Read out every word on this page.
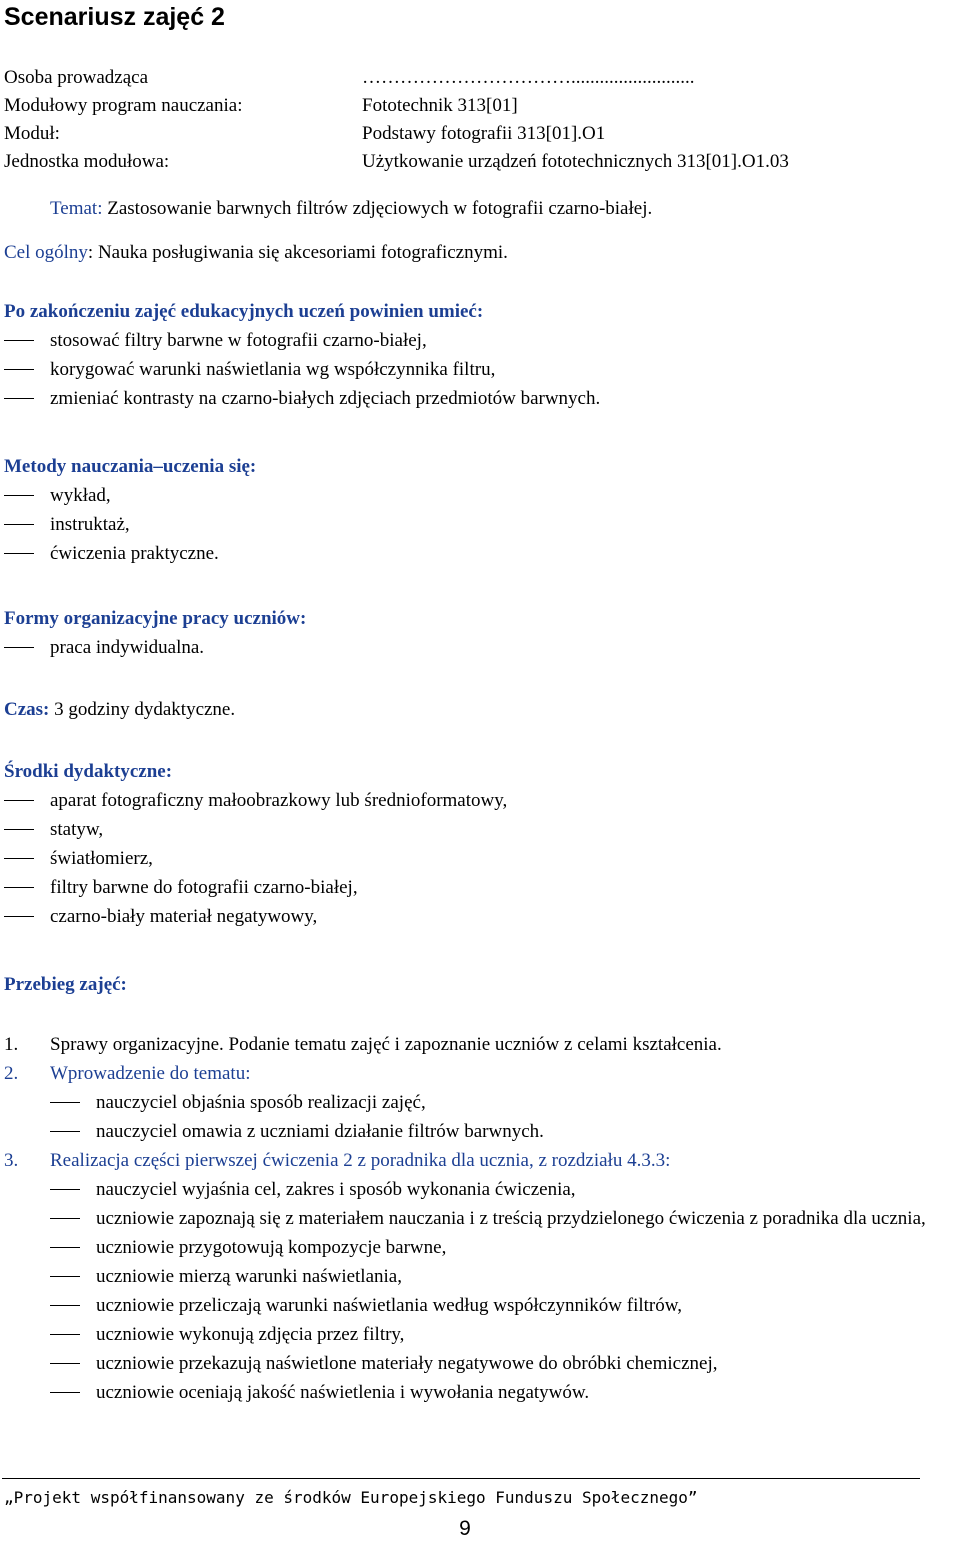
Scenariusz zajęć 2
Osoba prowadząca	……………………………..........................
Modułowy program nauczania:	Fototechnik 313[01]
Moduł:	Podstawy fotografii 313[01].O1
Jednostka modułowa:	Użytkowanie urządzeń fototechnicznych 313[01].O1.03
Temat: Zastosowanie barwnych filtrów zdjęciowych w fotografii czarno-białej.
Cel ogólny: Nauka posługiwania się akcesoriami fotograficznymi.
Po zakończeniu zajęć edukacyjnych uczeń powinien umieć:
stosować filtry barwne w fotografii czarno-białej,
korygować warunki naświetlania wg współczynnika filtru,
zmieniać kontrasty na czarno-białych zdjęciach przedmiotów barwnych.
Metody nauczania–uczenia się:
wykład,
instruktaż,
ćwiczenia praktyczne.
Formy organizacyjne pracy uczniów:
praca indywidualna.
Czas: 3 godziny dydaktyczne.
Środki dydaktyczne:
aparat fotograficzny małoobrazkowy lub średnioformatowy,
statyw,
światłomierz,
filtry barwne do fotografii czarno-białej,
czarno-biały materiał negatywowy,
Przebieg zajęć:
1. Sprawy organizacyjne. Podanie tematu zajęć i zapoznanie uczniów z celami kształcenia.
2. Wprowadzenie do tematu:
nauczyciel objaśnia sposób realizacji zajęć,
nauczyciel omawia z uczniami działanie filtrów barwnych.
3. Realizacja części pierwszej ćwiczenia 2 z poradnika dla ucznia, z rozdziału 4.3.3:
nauczyciel wyjaśnia cel, zakres i sposób wykonania ćwiczenia,
uczniowie zapoznają się z materiałem nauczania i z treścią przydzielonego ćwiczenia z poradnika dla ucznia,
uczniowie przygotowują kompozycje barwne,
uczniowie mierzą warunki naświetlania,
uczniowie przeliczają warunki naświetlania według współczynników filtrów,
uczniowie wykonują zdjęcia przez filtry,
uczniowie przekazują naświetlone materiały negatywowe do obróbki chemicznej,
uczniowie oceniają jakość naświetlenia i wywołania negatywów.
„Projekt współfinansowany ze środków Europejskiego Funduszu Społecznego”
9
